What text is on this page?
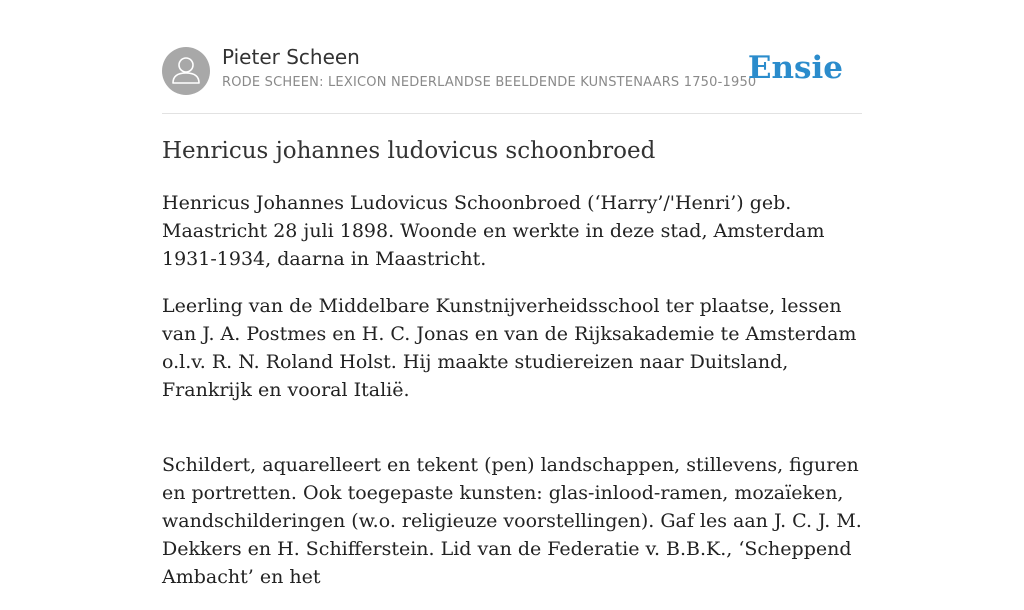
Pieter Scheen
RODE SCHEEN: LEXICON NEDERLANDSE BEELDENDE KUNSTENAARS 1750-1950
Ensie
Henricus johannes ludovicus schoonbroed

Henricus Johannes Ludovicus Schoonbroed (‘Harry’/'Henri’) geb. Maastricht 28 juli 1898. Woonde en werkte in deze stad, Amsterdam 1931-1934, daarna in Maastricht.

Leerling van de Middelbare Kunstnijverheidsschool ter plaatse, lessen van J. A. Postmes en H. C. Jonas en van de Rijksakademie te Amsterdam o.l.v. R. N. Roland Holst. Hij maakte studiereizen naar Duitsland, Frankrijk en vooral Italië.

Schildert, aquarelleert en tekent (pen) landschappen, stillevens, figuren en portretten. Ook toegepaste kunsten: glas-inlood-ramen, mozaïeken, wandschilderingen (w.o. religieuze voorstellingen). Gaf les aan J. C. J. M. Dekkers en H. Schifferstein. Lid van de Federatie v. B.B.K., ‘Scheppend Ambacht’ en het
